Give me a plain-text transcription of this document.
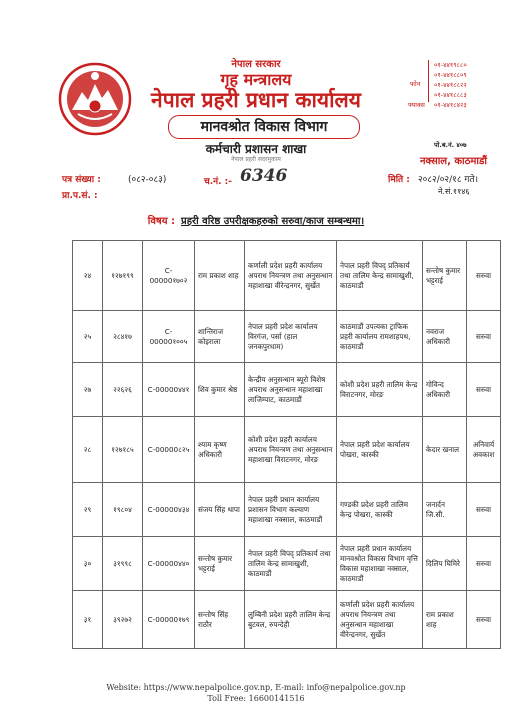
नेपाल सरकार
गृह मन्त्रालय
नेपाल प्रहरी प्रधान कार्यालय
मानवश्रोत विकास विभाग
कर्मचारी प्रशासन शाखा
नेपाल प्रहरी सदरमुकाम
फोन
०१-४४१९८८०
०१-४४१८८०९
०१-४४१८८२२
०१-४४१८८८३
०१-४४१८४२३
फ्याक्स
पो.ब.नं. ४०७
नक्साल, काठमाडौं
पत्र संख्या :	(०८२-०८३)
प्रा.प.सं. :
च.नं. :- 6346	मिति : २०८२/०२/१८ गते।
ने.सं.११४६
विषय : प्रहरी वरिष्ठ उपरीक्षकहरुको सरुवा/काज सम्बन्धमा।
२४	१२७१९९	C-00000१७०२	राम प्रकाश शाह	कर्णाली प्रदेश प्रहरी कार्यालय अपराध नियन्त्रण तथा अनुसन्धान महाशाखा वीरेन्द्रनगर, सुर्खेत	नेपाल प्रहरी विपद् प्रतिकार्य तथा तालिम केन्द्र सामाखुशी, काठमाडौं	सन्तोष कुमार भट्टराई	सरुवा
२५	२८४१७	C-00000१००५	शान्तिराज कोइराला	नेपाल प्रहरी प्रदेश कार्यालय विरगंज, पर्सा (हाल जनकपुरधाम)	काठमाडौं उपत्यका ट्राफिक प्रहरी कार्यालय रामशाहपथ, काठमाडौं	नवराज अधिकारी	सरुवा
२७	२२६२६	C-00000४४१	शिव कुमार श्रेष्ठ	केन्द्रीय अनुसन्धान ब्यूरो विशेष अपराध अनुसन्धान महाशाखा लाजिम्पाट, काठमाडौं	कोशी प्रदेश प्रहरी तालिम केन्द्र विराटनगर, मोरङ	गोविन्द अधिकारी	सरुवा
२८	१२७१८५	C-00000८२५	श्याम कृष्ण अधिकारी	कोशी प्रदेश प्रहरी कार्यालय अपराध नियन्त्रण तथा अनुसन्धान महाशाखा विराटनगर, मोरङ	नेपाल प्रहरी प्रदेश कार्यालय पोखरा, कास्की	केदार खनाल	अनिवार्य अवकाश
२९	१९८०४	C-00000४३४	संजय सिंह थापा	नेपाल प्रहरी प्रधान कार्यालय प्रशासन विभाग कल्याण महाशाखा नक्साल, काठमाडौं	गण्डकी प्रदेश प्रहरी तालिम केन्द्र पोखरा, कास्की	जनार्दन जि.सी.	सरुवा
३०	३१९९८	C-00000४४०	सन्तोष कुमार भट्टराई	नेपाल प्रहरी विपद् प्रतिकार्य तथा तालिम केन्द्र सामाखुशी, काठमाडौं	नेपाल प्रहरी प्रधान कार्यालय मानवश्रोत विकास विभाग वृत्ति विकास महाशाखा नक्साल, काठमाडौं	दिलिप घिमिरे	सरुवा
३१	३९२७२	C-00000१७९	सन्तोष सिंह राठौर	लुम्बिनी प्रदेश प्रहरी तालिम केन्द्र बुटवल, रुपन्देही	कर्णाली प्रदेश प्रहरी कार्यालय अपराध नियन्त्रण तथा अनुसन्धान महाशाखा वीरेन्द्रनगर, सुर्खेत	राम प्रकाश शाह	सरुवा
Website: https://www.nepalpolice.gov.np, E-mail: info@nepalpolice.gov.np
Toll Free: 16600141516
